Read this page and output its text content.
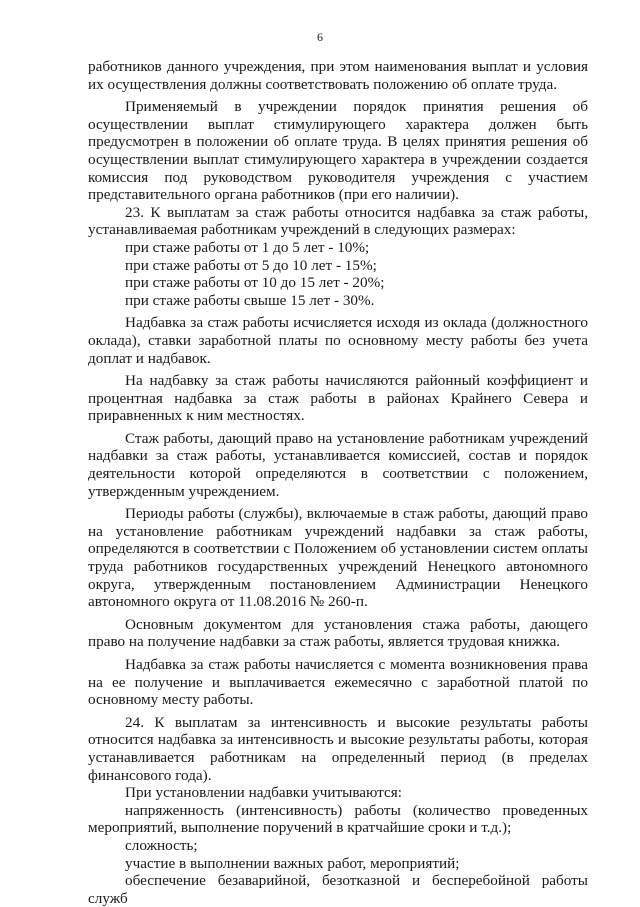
6

работников данного учреждения, при этом наименования выплат и условия их осуществления должны соответствовать положению об оплате труда.

Применяемый в учреждении порядок принятия решения об осуществлении выплат стимулирующего характера должен быть предусмотрен в положении об оплате труда. В целях принятия решения об осуществлении выплат стимулирующего характера в учреждении создается комиссия под руководством руководителя учреждения с участием представительного органа работников (при его наличии).

23. К выплатам за стаж работы относится надбавка за стаж работы, устанавливаемая работникам учреждений в следующих размерах:

при стаже работы от 1 до 5 лет - 10%;

при стаже работы от 5 до 10 лет - 15%;

при стаже работы от 10 до 15 лет - 20%;

при стаже работы свыше 15 лет - 30%.

Надбавка за стаж работы исчисляется исходя из оклада (должностного оклада), ставки заработной платы по основному месту работы без учета доплат и надбавок.

На надбавку за стаж работы начисляются районный коэффициент и процентная надбавка за стаж работы в районах Крайнего Севера и приравненных к ним местностях.

Стаж работы, дающий право на установление работникам учреждений надбавки за стаж работы, устанавливается комиссией, состав и порядок деятельности которой определяются в соответствии с положением, утвержденным учреждением.

Периоды работы (службы), включаемые в стаж работы, дающий право на установление работникам учреждений надбавки за стаж работы, определяются в соответствии с Положением об установлении систем оплаты труда работников государственных учреждений Ненецкого автономного округа, утвержденным постановлением Администрации Ненецкого автономного округа от 11.08.2016 № 260-п.

Основным документом для установления стажа работы, дающего право на получение надбавки за стаж работы, является трудовая книжка.

Надбавка за стаж работы начисляется с момента возникновения права на ее получение и выплачивается ежемесячно с заработной платой по основному месту работы.

24. К выплатам за интенсивность и высокие результаты работы относится надбавка за интенсивность и высокие результаты работы, которая устанавливается работникам на определенный период (в пределах финансового года).

При установлении надбавки учитываются:

напряженность (интенсивность) работы (количество проведенных мероприятий, выполнение поручений в кратчайшие сроки и т.д.);

сложность;

участие в выполнении важных работ, мероприятий;

обеспечение безаварийной, безотказной и бесперебойной работы служб
